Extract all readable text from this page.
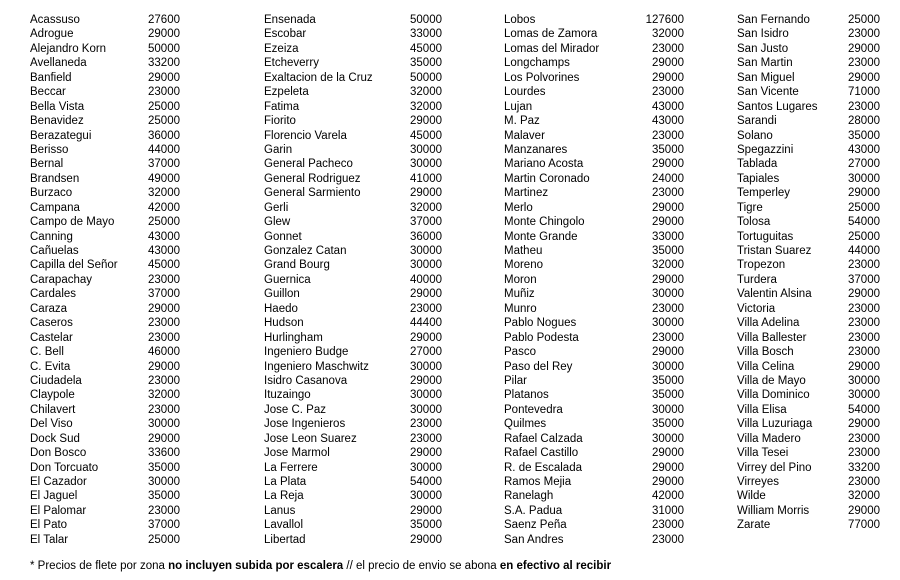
Acassuso	27600
Adrogue	29000
Alejandro Korn	50000
Avellaneda	33200
Banfield	29000
Beccar	23000
Bella Vista	25000
Benavidez	25000
Berazategui	36000
Berisso	44000
Bernal	37000
Brandsen	49000
Burzaco	32000
Campana	42000
Campo de Mayo	25000
Canning	43000
Cañuelas	43000
Capilla del Señor	45000
Carapachay	23000
Cardales	37000
Caraza	29000
Caseros	23000
Castelar	23000
C. Bell	46000
C. Evita	29000
Ciudadela	23000
Claypole	32000
Chilavert	23000
Del Viso	30000
Dock Sud	29000
Don Bosco	33600
Don Torcuato	35000
El Cazador	30000
El Jaguel	35000
El Palomar	23000
El Pato	37000
El Talar	25000
Ensenada	50000
Escobar	33000
Ezeiza	45000
Etcheverry	35000
Exaltacion de la Cruz	50000
Ezpeleta	32000
Fatima	32000
Fiorito	29000
Florencio Varela	45000
Garin	30000
General Pacheco	30000
General Rodriguez	41000
General Sarmiento	29000
Gerli	32000
Glew	37000
Gonnet	36000
Gonzalez Catan	30000
Grand Bourg	30000
Guernica	40000
Guillon	29000
Haedo	23000
Hudson	44400
Hurlingham	29000
Ingeniero Budge	27000
Ingeniero Maschwitz	30000
Isidro Casanova	29000
Ituzaingo	30000
Jose C. Paz	30000
Jose Ingenieros	23000
Jose Leon Suarez	23000
Jose Marmol	29000
La Ferrere	30000
La Plata	54000
La Reja	30000
Lanus	29000
Lavallol	35000
Libertad	29000
Lobos	127600
Lomas de Zamora	32000
Lomas del Mirador	23000
Longchamps	29000
Los Polvorines	29000
Lourdes	23000
Lujan	43000
M. Paz	43000
Malaver	23000
Manzanares	35000
Mariano Acosta	29000
Martin Coronado	24000
Martinez	23000
Merlo	29000
Monte Chingolo	29000
Monte Grande	33000
Matheu	35000
Moreno	32000
Moron	29000
Muñiz	30000
Munro	23000
Pablo Nogues	30000
Pablo Podesta	23000
Pasco	29000
Paso del Rey	30000
Pilar	35000
Platanos	35000
Pontevedra	30000
Quilmes	35000
Rafael Calzada	30000
Rafael Castillo	29000
R. de Escalada	29000
Ramos Mejia	29000
Ranelagh	42000
S.A. Padua	31000
Saenz Peña	23000
San Andres	23000
San Fernando	25000
San Isidro	23000
San Justo	29000
San Martin	23000
San Miguel	29000
San Vicente	71000
Santos Lugares	23000
Sarandi	28000
Solano	35000
Spegazzini	43000
Tablada	27000
Tapiales	30000
Temperley	29000
Tigre	25000
Tolosa	54000
Tortuguitas	25000
Tristan Suarez	44000
Tropezon	23000
Turdera	37000
Valentin Alsina	29000
Victoria	23000
Villa Adelina	23000
Villa Ballester	23000
Villa Bosch	23000
Villa Celina	29000
Villa de Mayo	30000
Villa Dominico	30000
Villa Elisa	54000
Villa Luzuriaga	29000
Villa Madero	23000
Villa Tesei	23000
Virrey del Pino	33200
Virreyes	23000
Wilde	32000
William Morris	29000
Zarate	77000
* Precios de flete por zona no incluyen subida por escalera // el precio de envio se abona en efectivo al recibir
